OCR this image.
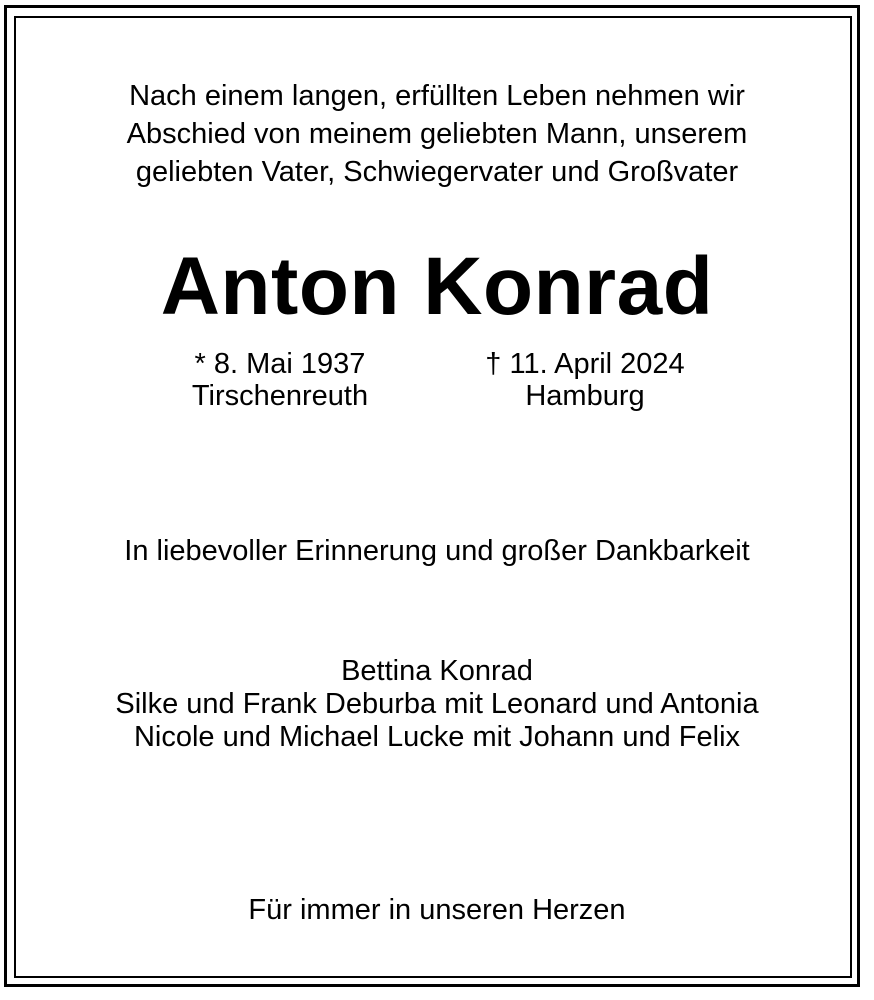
Nach einem langen, erfüllten Leben nehmen wir
Abschied von meinem geliebten Mann, unserem
geliebten Vater, Schwiegervater und Großvater
Anton Konrad
* 8. Mai 1937
Tirschenreuth
† 11. April 2024
Hamburg
In liebevoller Erinnerung und großer Dankbarkeit
Bettina Konrad
Silke und Frank Deburba mit Leonard und Antonia
Nicole und Michael Lucke mit Johann und Felix
Für immer in unseren Herzen
